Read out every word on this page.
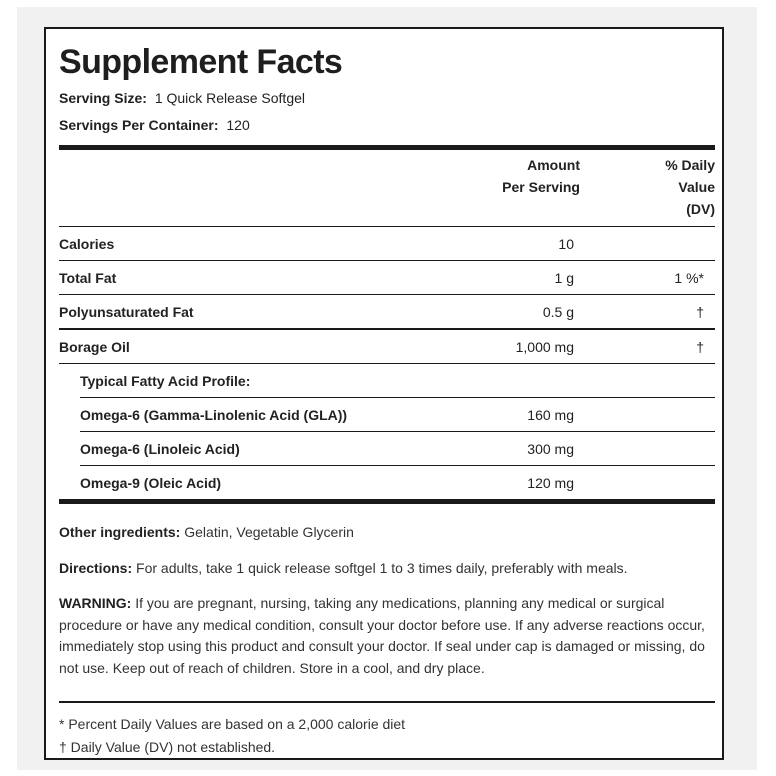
Supplement Facts
Serving Size: 1 Quick Release Softgel
Servings Per Container: 120
Amount
Per Serving
% Daily
Value
(DV)
Calories	10
Total Fat	1 g	1 %*
Polyunsaturated Fat	0.5 g	†
Borage Oil	1,000 mg	†
Typical Fatty Acid Profile:
Omega-6 (Gamma-Linolenic Acid (GLA))	160 mg
Omega-6 (Linoleic Acid)	300 mg
Omega-9 (Oleic Acid)	120 mg
Other ingredients: Gelatin, Vegetable Glycerin
Directions: For adults, take 1 quick release softgel 1 to 3 times daily, preferably with meals.
WARNING: If you are pregnant, nursing, taking any medications, planning any medical or surgical procedure or have any medical condition, consult your doctor before use. If any adverse reactions occur, immediately stop using this product and consult your doctor. If seal under cap is damaged or missing, do not use. Keep out of reach of children. Store in a cool, and dry place.
* Percent Daily Values are based on a 2,000 calorie diet
† Daily Value (DV) not established.
